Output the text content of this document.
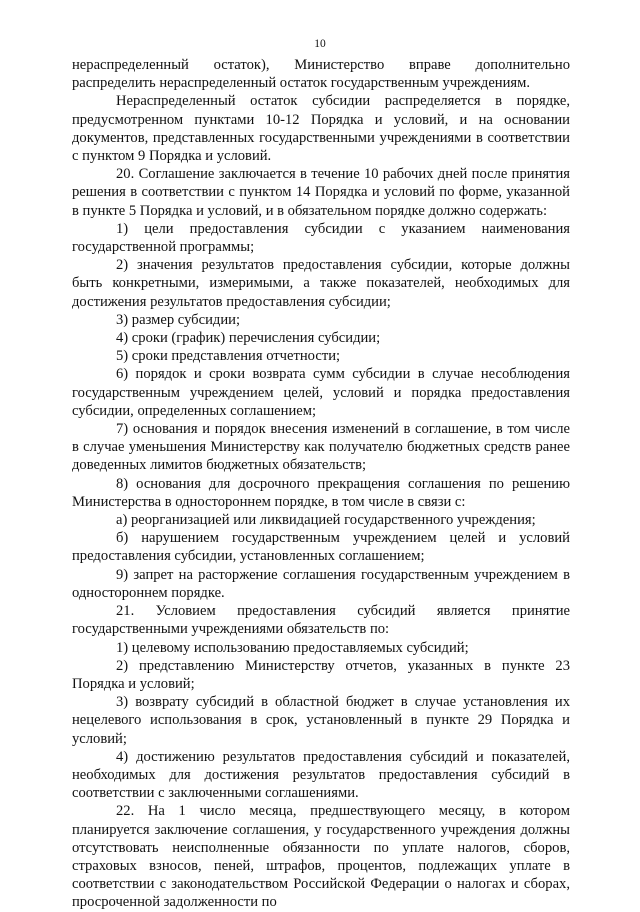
10

нераспределенный остаток), Министерство вправе дополнительно распределить нераспределенный остаток государственным учреждениям.

Нераспределенный остаток субсидии распределяется в порядке, предусмотренном пунктами 10-12 Порядка и условий, и на основании документов, представленных государственными учреждениями в соответствии с пунктом 9 Порядка и условий.

20. Соглашение заключается в течение 10 рабочих дней после принятия решения в соответствии с пунктом 14 Порядка и условий по форме, указанной в пункте 5 Порядка и условий, и в обязательном порядке должно содержать:

1) цели предоставления субсидии с указанием наименования государственной программы;

2) значения результатов предоставления субсидии, которые должны быть конкретными, измеримыми, а также показателей, необходимых для достижения результатов предоставления субсидии;

3) размер субсидии;

4) сроки (график) перечисления субсидии;

5) сроки представления отчетности;

6) порядок и сроки возврата сумм субсидии в случае несоблюдения государственным учреждением целей, условий и порядка предоставления субсидии, определенных соглашением;

7) основания и порядок внесения изменений в соглашение, в том числе в случае уменьшения Министерству как получателю бюджетных средств ранее доведенных лимитов бюджетных обязательств;

8) основания для досрочного прекращения соглашения по решению Министерства в одностороннем порядке, в том числе в связи с:

а) реорганизацией или ликвидацией государственного учреждения;

б) нарушением государственным учреждением целей и условий предоставления субсидии, установленных соглашением;

9) запрет на расторжение соглашения государственным учреждением в одностороннем порядке.

21. Условием предоставления субсидий является принятие государственными учреждениями обязательств по:

1) целевому использованию предоставляемых субсидий;

2) представлению Министерству отчетов, указанных в пункте 23 Порядка и условий;

3) возврату субсидий в областной бюджет в случае установления их нецелевого использования в срок, установленный в пункте 29 Порядка и условий;

4) достижению результатов предоставления субсидий и показателей, необходимых для достижения результатов предоставления субсидий в соответствии с заключенными соглашениями.

22. На 1 число месяца, предшествующего месяцу, в котором планируется заключение соглашения, у государственного учреждения должны отсутствовать неисполненные обязанности по уплате налогов, сборов, страховых взносов, пеней, штрафов, процентов, подлежащих уплате в соответствии с законодательством Российской Федерации о налогах и сборах, просроченной задолженности по
